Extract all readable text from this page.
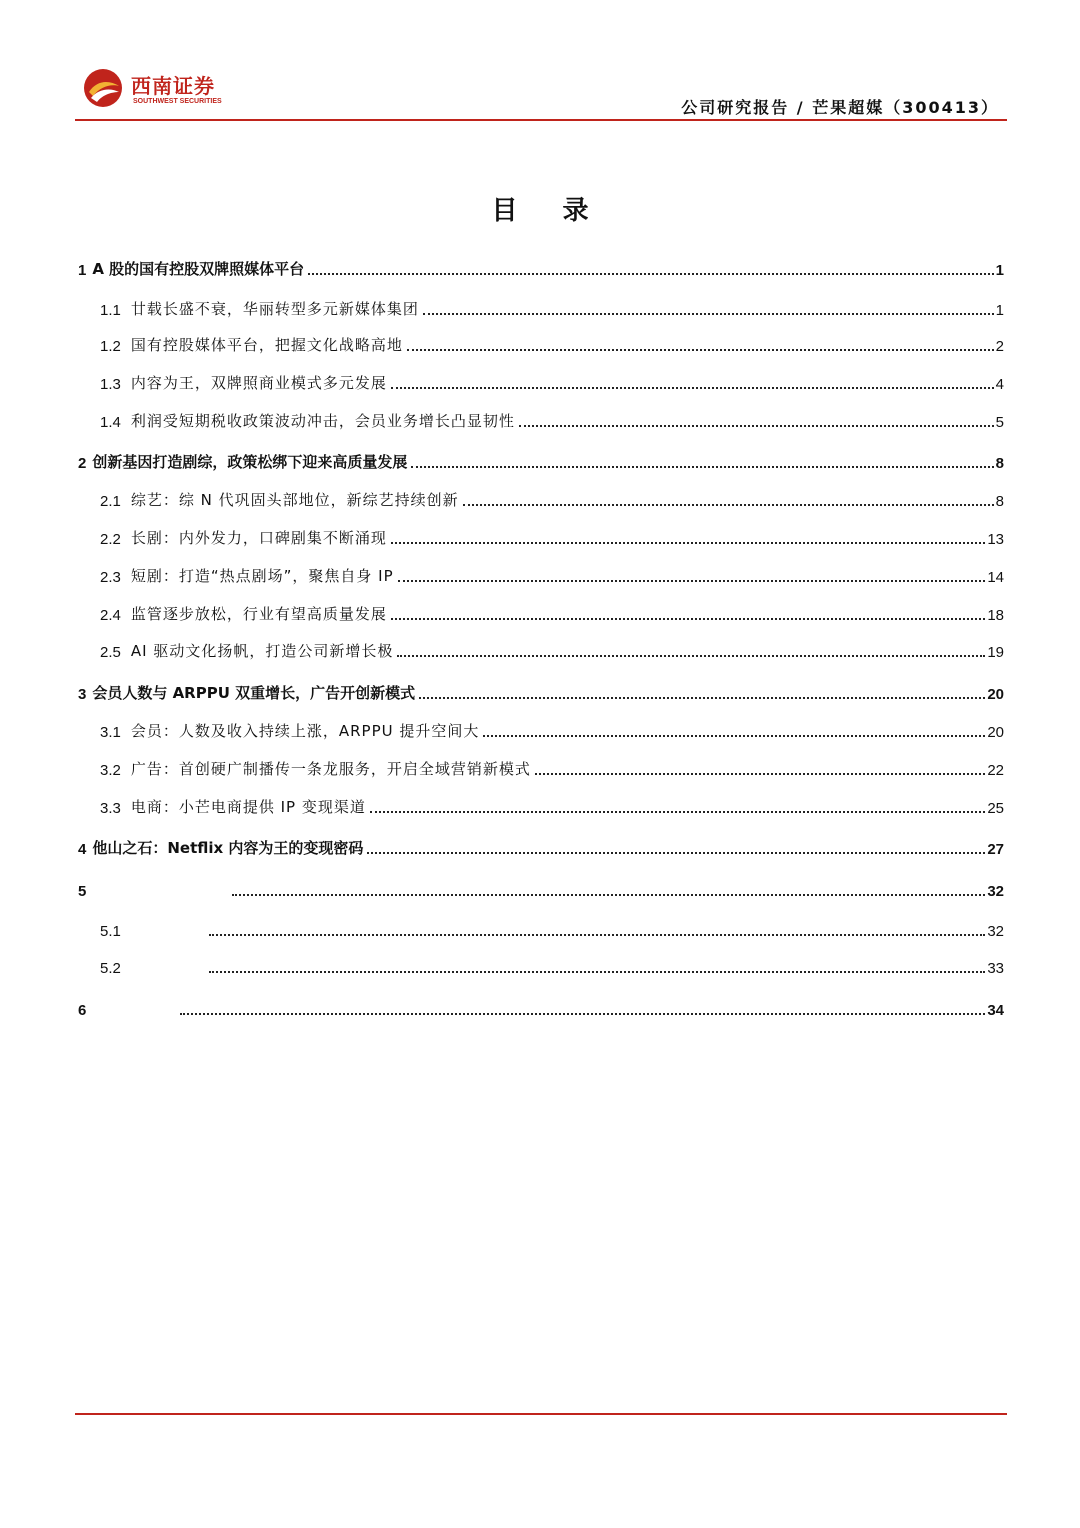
西南证券
SOUTHWEST SECURITIES	公司研究报告 / 芒果超媒（300413）
目 录
1 A 股的国有控股双牌照媒体平台	1
1.1 廿载长盛不衰，华丽转型多元新媒体集团	1
1.2 国有控股媒体平台，把握文化战略高地	2
1.3 内容为王，双牌照商业模式多元发展	4
1.4 利润受短期税收政策波动冲击，会员业务增长凸显韧性	5
2 创新基因打造剧综，政策松绑下迎来高质量发展	8
2.1 综艺：综 N 代巩固头部地位，新综艺持续创新	8
2.2 长剧：内外发力，口碑剧集不断涌现	13
2.3 短剧：打造“热点剧场”，聚焦自身 IP	14
2.4 监管逐步放松，行业有望高质量发展	18
2.5 AI 驱动文化扬帆，打造公司新增长极	19
3 会员人数与 ARPPU 双重增长，广告开创新模式	20
3.1 会员：人数及收入持续上涨，ARPPU 提升空间大	20
3.2 广告：首创硬广制播传一条龙服务，开启全域营销新模式	22
3.3 电商：小芒电商提供 IP 变现渠道	25
4 他山之石：Netflix 内容为王的变现密码	27
5	32
5.1	32
5.2	33
6	34
